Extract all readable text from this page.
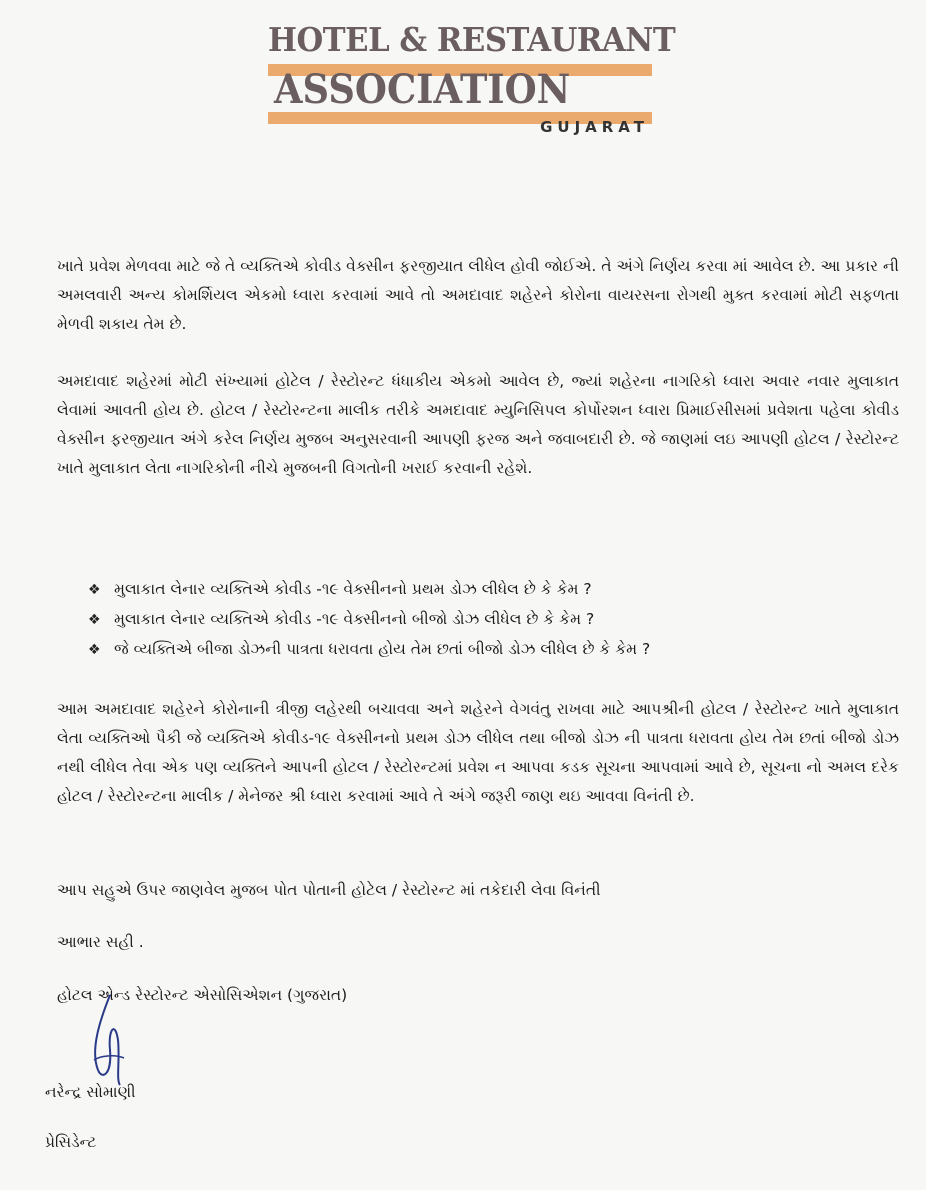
HOTEL & RESTAURANT
ASSOCIATION
GUJARAT

ખાતે પ્રવેશ મેળવવા માટે જે તે વ્યક્તિએ કોવીડ વેક્સીન ફરજીયાત લીધેલ હોવી જોઈએ. તે અંગે નિર્ણય કરવા માં આવેલ છે. આ પ્રકાર ની અમલવારી અન્ય કોમર્શિયલ એકમો ધ્વારા કરવામાં આવે તો અમદાવાદ શહેરને કોરોના વાયરસના રોગથી મુક્ત કરવામાં મોટી સફળતા મેળવી શકાય તેમ છે.

અમદાવાદ શહેરમાં મોટી સંખ્યામાં હોટેલ / રેસ્ટોરન્ટ ધંધાકીય એકમો આવેલ છે, જ્યાં શહેરના નાગરિકો ધ્વારા અવાર નવાર મુલાકાત લેવામાં આવતી હોય છે. હોટલ / રેસ્ટોરન્ટના માલીક તરીકે અમદાવાદ મ્યુનિસિપલ કોર્પોરશન ધ્વારા પ્રિમાઈસીસમાં પ્રવેશતા પહેલા કોવીડ વેક્સીન ફરજીયાત અંગે કરેલ નિર્ણય મુજબ અનુસરવાની આપણી ફરજ અને જવાબદારી છે. જે જાણમાં લઇ આપણી હોટલ / રેસ્ટોરન્ટ ખાતે મુલાકાત લેતા નાગરિકોની નીચે મુજબની વિગતોની ખરાઈ કરવાની રહેશે.

❖ મુલાકાત લેનાર વ્યક્તિએ કોવીડ -૧૯ વેક્સીનનો પ્રથમ ડોઝ લીધેલ છે કે કેમ ?
❖ મુલાકાત લેનાર વ્યક્તિએ કોવીડ -૧૯ વેક્સીનનો બીજો ડોઝ લીધેલ છે કે કેમ ?
❖ જે વ્યક્તિએ બીજા ડોઝની પાત્રતા ધરાવતા હોય તેમ છતાં બીજો ડોઝ લીધેલ છે કે કેમ ?

આમ અમદાવાદ શહેરને કોરોનાની ત્રીજી લહેરથી બચાવવા અને શહેરને વેગવંતુ રાખવા માટે આપશ્રીની હોટલ / રેસ્ટોરન્ટ ખાતે મુલાકાત લેતા વ્યક્તિઓ પૈકી જે વ્યક્તિએ કોવીડ-૧૯ વેક્સીનનો પ્રથમ ડોઝ લીધેલ તથા બીજો ડોઝ ની પાત્રતા ધરાવતા હોય તેમ છતાં બીજો ડોઝ નથી લીધેલ તેવા એક પણ વ્યક્તિને આપની હોટલ / રેસ્ટોરન્ટમાં પ્રવેશ ન આપવા કડક સૂચના આપવામાં આવે છે, સૂચના નો અમલ દરેક હોટલ / રેસ્ટોરન્ટના માલીક / મેનેજર શ્રી ધ્વારા કરવામાં આવે તે અંગે જરૂરી જાણ થઇ આવવા વિનંતી છે.

આપ સહુએ ઉપર જાણવેલ મુજબ પોત પોતાની હોટેલ / રેસ્ટોરન્ટ માં તકેદારી લેવા વિનંતી
આભાર સહી .
હોટલ એન્ડ રેસ્ટોરન્ટ એસોસિએશન (ગુજરાત)
નરેન્દ્ર સોમાણી
પ્રેસિડેન્ટ
